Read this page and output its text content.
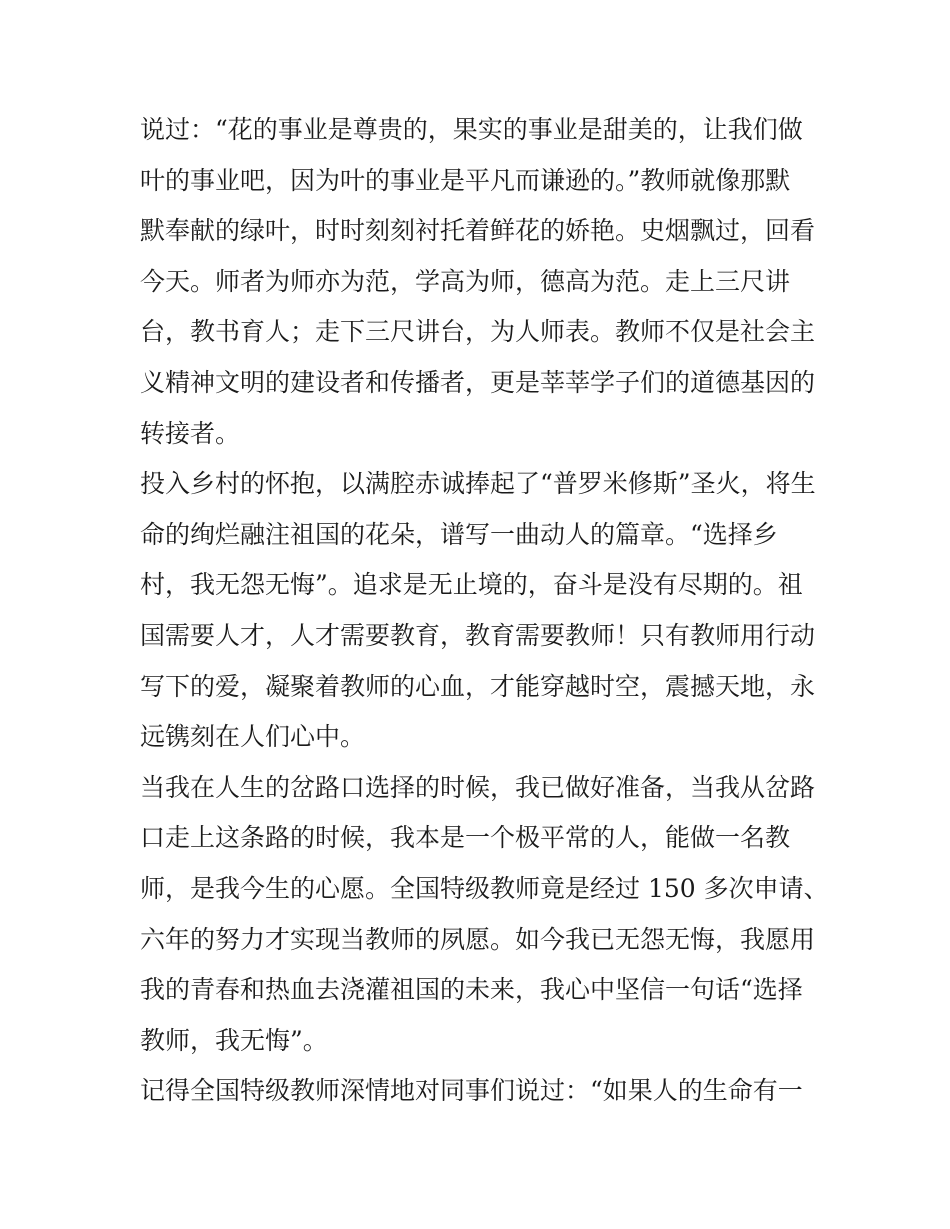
说过：“花的事业是尊贵的，果实的事业是甜美的，让我们做
叶的事业吧，因为叶的事业是平凡而谦逊的。”教师就像那默
默奉献的绿叶，时时刻刻衬托着鲜花的娇艳。史烟飘过，回看
今天。师者为师亦为范，学高为师，德高为范。走上三尺讲
台，教书育人；走下三尺讲台，为人师表。教师不仅是社会主
义精神文明的建设者和传播者，更是莘莘学子们的道德基因的
转接者。
投入乡村的怀抱，以满腔赤诚捧起了“普罗米修斯”圣火，将生
命的绚烂融注祖国的花朵，谱写一曲动人的篇章。“选择乡
村，我无怨无悔”。追求是无止境的，奋斗是没有尽期的。祖
国需要人才，人才需要教育，教育需要教师！只有教师用行动
写下的爱，凝聚着教师的心血，才能穿越时空，震撼天地，永
远镌刻在人们心中。
当我在人生的岔路口选择的时候，我已做好准备，当我从岔路
口走上这条路的时候，我本是一个极平常的人，能做一名教
师，是我今生的心愿。全国特级教师竟是经过 150 多次申请、
六年的努力才实现当教师的夙愿。如今我已无怨无悔，我愿用
我的青春和热血去浇灌祖国的未来，我心中坚信一句话“选择
教师，我无悔”。
记得全国特级教师深情地对同事们说过：“如果人的生命有一
